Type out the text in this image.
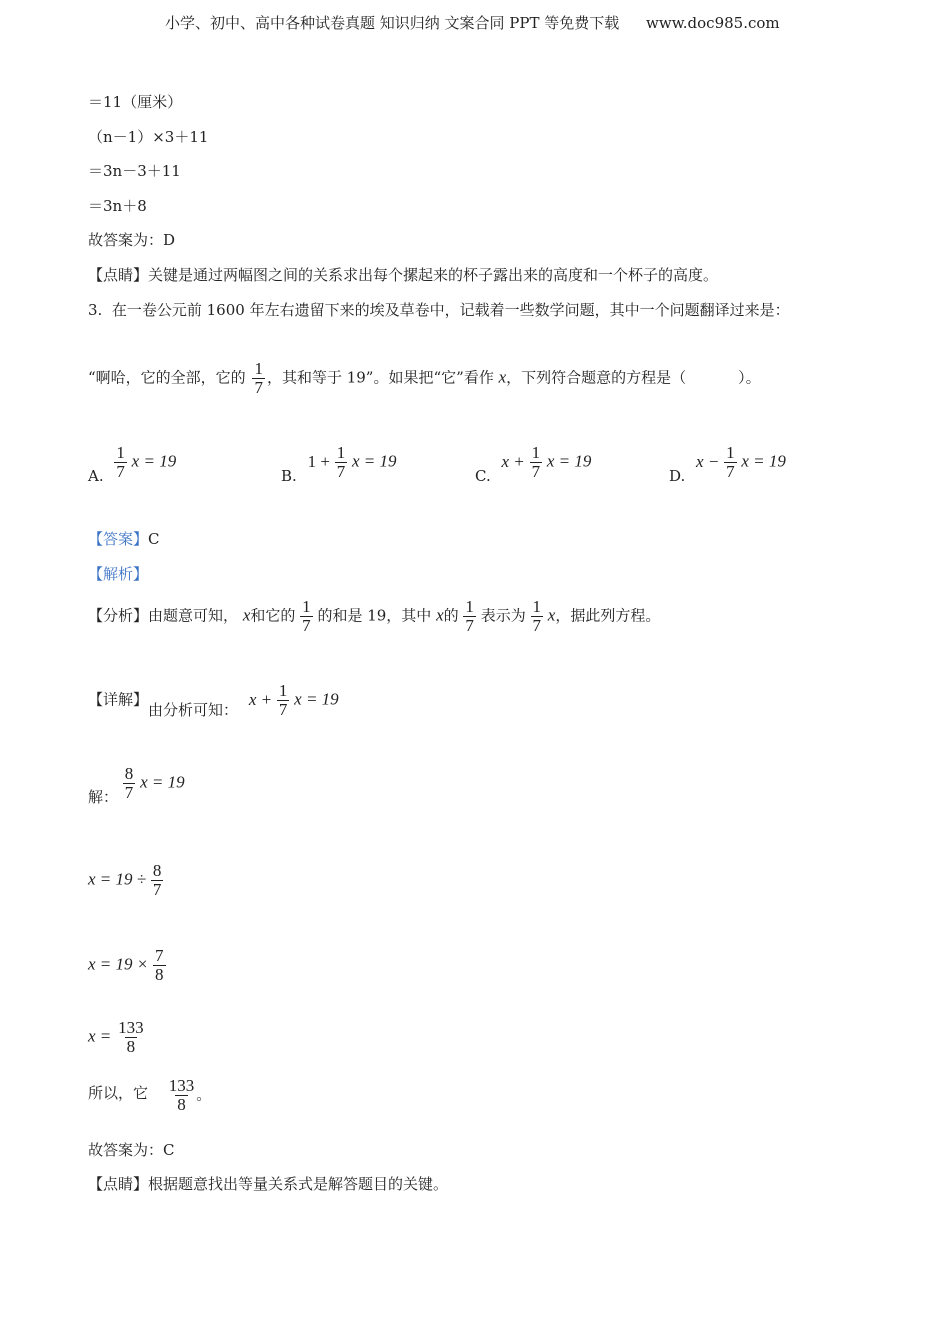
小学、初中、高中各种试卷真题 知识归纳 文案合同 PPT 等免费下载 www.doc985.com
＝11（厘米）
（n－1）×3＋11
＝3n－3＋11
＝3n＋8
故答案为：D
【点睛】关键是通过两幅图之间的关系求出每个摞起来的杯子露出来的高度和一个杯子的高度。
3. 在一卷公元前 1600 年左右遗留下来的埃及草卷中，记载着一些数学问题，其中一个问题翻译过来是：
“啊哈，它的全部，它的 $\frac{1}{7}$ ，其和等于 19”。如果把“它”看作 x，下列符合题意的方程是（	）。
A. $\frac{1}{7}$ x = 19
B. $1 + \frac{1}{7}$ x = 19
C. $x + \frac{1}{7}$ x = 19
D. $x - \frac{1}{7}$ x = 19
【答案】C
【解析】
【分析】由题意可知， x和它的 $\frac{1}{7}$ 的和是 19，其中 x的 $\frac{1}{7}$ 表示为 $\frac{1}{7}$ x，据此列方程。
【详解】由分析可知： $x + \frac{1}{7}$ x = 19
解： $\frac{8}{7}$ x = 19
$x = 19 \div \frac{8}{7}$
$x = 19 \times \frac{7}{8}$
$x = \frac{133}{8}$
所以，它 $\frac{133}{8}$ 。
故答案为：C
【点睛】根据题意找出等量关系式是解答题目的关键。
